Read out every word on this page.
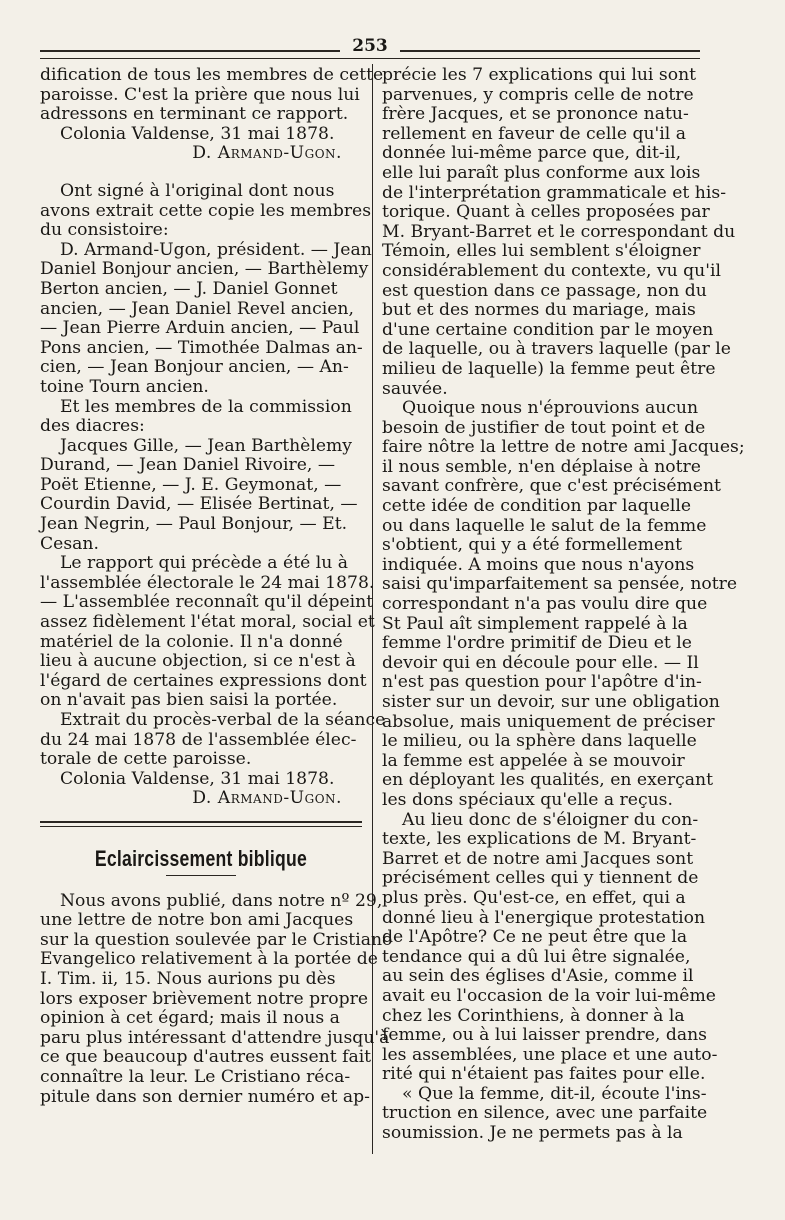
253
dification de tous les membres de cette
paroisse. C'est la prière que nous lui
adressons en terminant ce rapport.
Colonia Valdense, 31 mai 1878.
D. Armand-Ugon.
Ont signé à l'original dont nous
avons extrait cette copie les membres
du consistoire:
D. Armand-Ugon, président. — Jean
Daniel Bonjour ancien, — Barthèlemy
Berton ancien, — J. Daniel Gonnet
ancien, — Jean Daniel Revel ancien,
— Jean Pierre Arduin ancien, — Paul
Pons ancien, — Timothée Dalmas an-
cien, — Jean Bonjour ancien, — An-
toine Tourn ancien.
Et les membres de la commission
des diacres:
Jacques Gille, — Jean Barthèlemy
Durand, — Jean Daniel Rivoire, —
Poët Etienne, — J. E. Geymonat, —
Courdin David, — Elisée Bertinat, —
Jean Negrin, — Paul Bonjour, — Et.
Cesan.
Le rapport qui précède a été lu à
l'assemblée électorale le 24 mai 1878.
— L'assemblée reconnaît qu'il dépeint
assez fidèlement l'état moral, social et
matériel de la colonie. Il n'a donné
lieu à aucune objection, si ce n'est à
l'égard de certaines expressions dont
on n'avait pas bien saisi la portée.
Extrait du procès-verbal de la séance
du 24 mai 1878 de l'assemblée élec-
torale de cette paroisse.
Colonia Valdense, 31 mai 1878.
D. Armand-Ugon.
Eclaircissement biblique
Nous avons publié, dans notre nº 29,
une lettre de notre bon ami Jacques
sur la question soulevée par le Cristiano
Evangelico relativement à la portée de
I. Tim. ii, 15. Nous aurions pu dès
lors exposer brièvement notre propre
opinion à cet égard; mais il nous a
paru plus intéressant d'attendre jusqu'à
ce que beaucoup d'autres eussent fait
connaître la leur. Le Cristiano réca-
pitule dans son dernier numéro et ap-
précie les 7 explications qui lui sont
parvenues, y compris celle de notre
frère Jacques, et se prononce natu-
rellement en faveur de celle qu'il a
donnée lui-même parce que, dit-il,
elle lui paraît plus conforme aux lois
de l'interprétation grammaticale et his-
torique. Quant à celles proposées par
M. Bryant-Barret et le correspondant du
Témoin, elles lui semblent s'éloigner
considérablement du contexte, vu qu'il
est question dans ce passage, non du
but et des normes du mariage, mais
d'une certaine condition par le moyen
de laquelle, ou à travers laquelle (par le
milieu de laquelle) la femme peut être
sauvée.
Quoique nous n'éprouvions aucun
besoin de justifier de tout point et de
faire nôtre la lettre de notre ami Jacques;
il nous semble, n'en déplaise à notre
savant confrère, que c'est précisément
cette idée de condition par laquelle
ou dans laquelle le salut de la femme
s'obtient, qui y a été formellement
indiquée. A moins que nous n'ayons
saisi qu'imparfaitement sa pensée, notre
correspondant n'a pas voulu dire que
St Paul aît simplement rappelé à la
femme l'ordre primitif de Dieu et le
devoir qui en découle pour elle. — Il
n'est pas question pour l'apôtre d'in-
sister sur un devoir, sur une obligation
absolue, mais uniquement de préciser
le milieu, ou la sphère dans laquelle
la femme est appelée à se mouvoir
en déployant les qualités, en exerçant
les dons spéciaux qu'elle a reçus.
Au lieu donc de s'éloigner du con-
texte, les explications de M. Bryant-
Barret et de notre ami Jacques sont
précisément celles qui y tiennent de
plus près. Qu'est-ce, en effet, qui a
donné lieu à l'energique protestation
de l'Apôtre? Ce ne peut être que la
tendance qui a dû lui être signalée,
au sein des églises d'Asie, comme il
avait eu l'occasion de la voir lui-même
chez les Corinthiens, à donner à la
femme, ou à lui laisser prendre, dans
les assemblées, une place et une auto-
rité qui n'étaient pas faites pour elle.
« Que la femme, dit-il, écoute l'ins-
truction en silence, avec une parfaite
soumission. Je ne permets pas à la
